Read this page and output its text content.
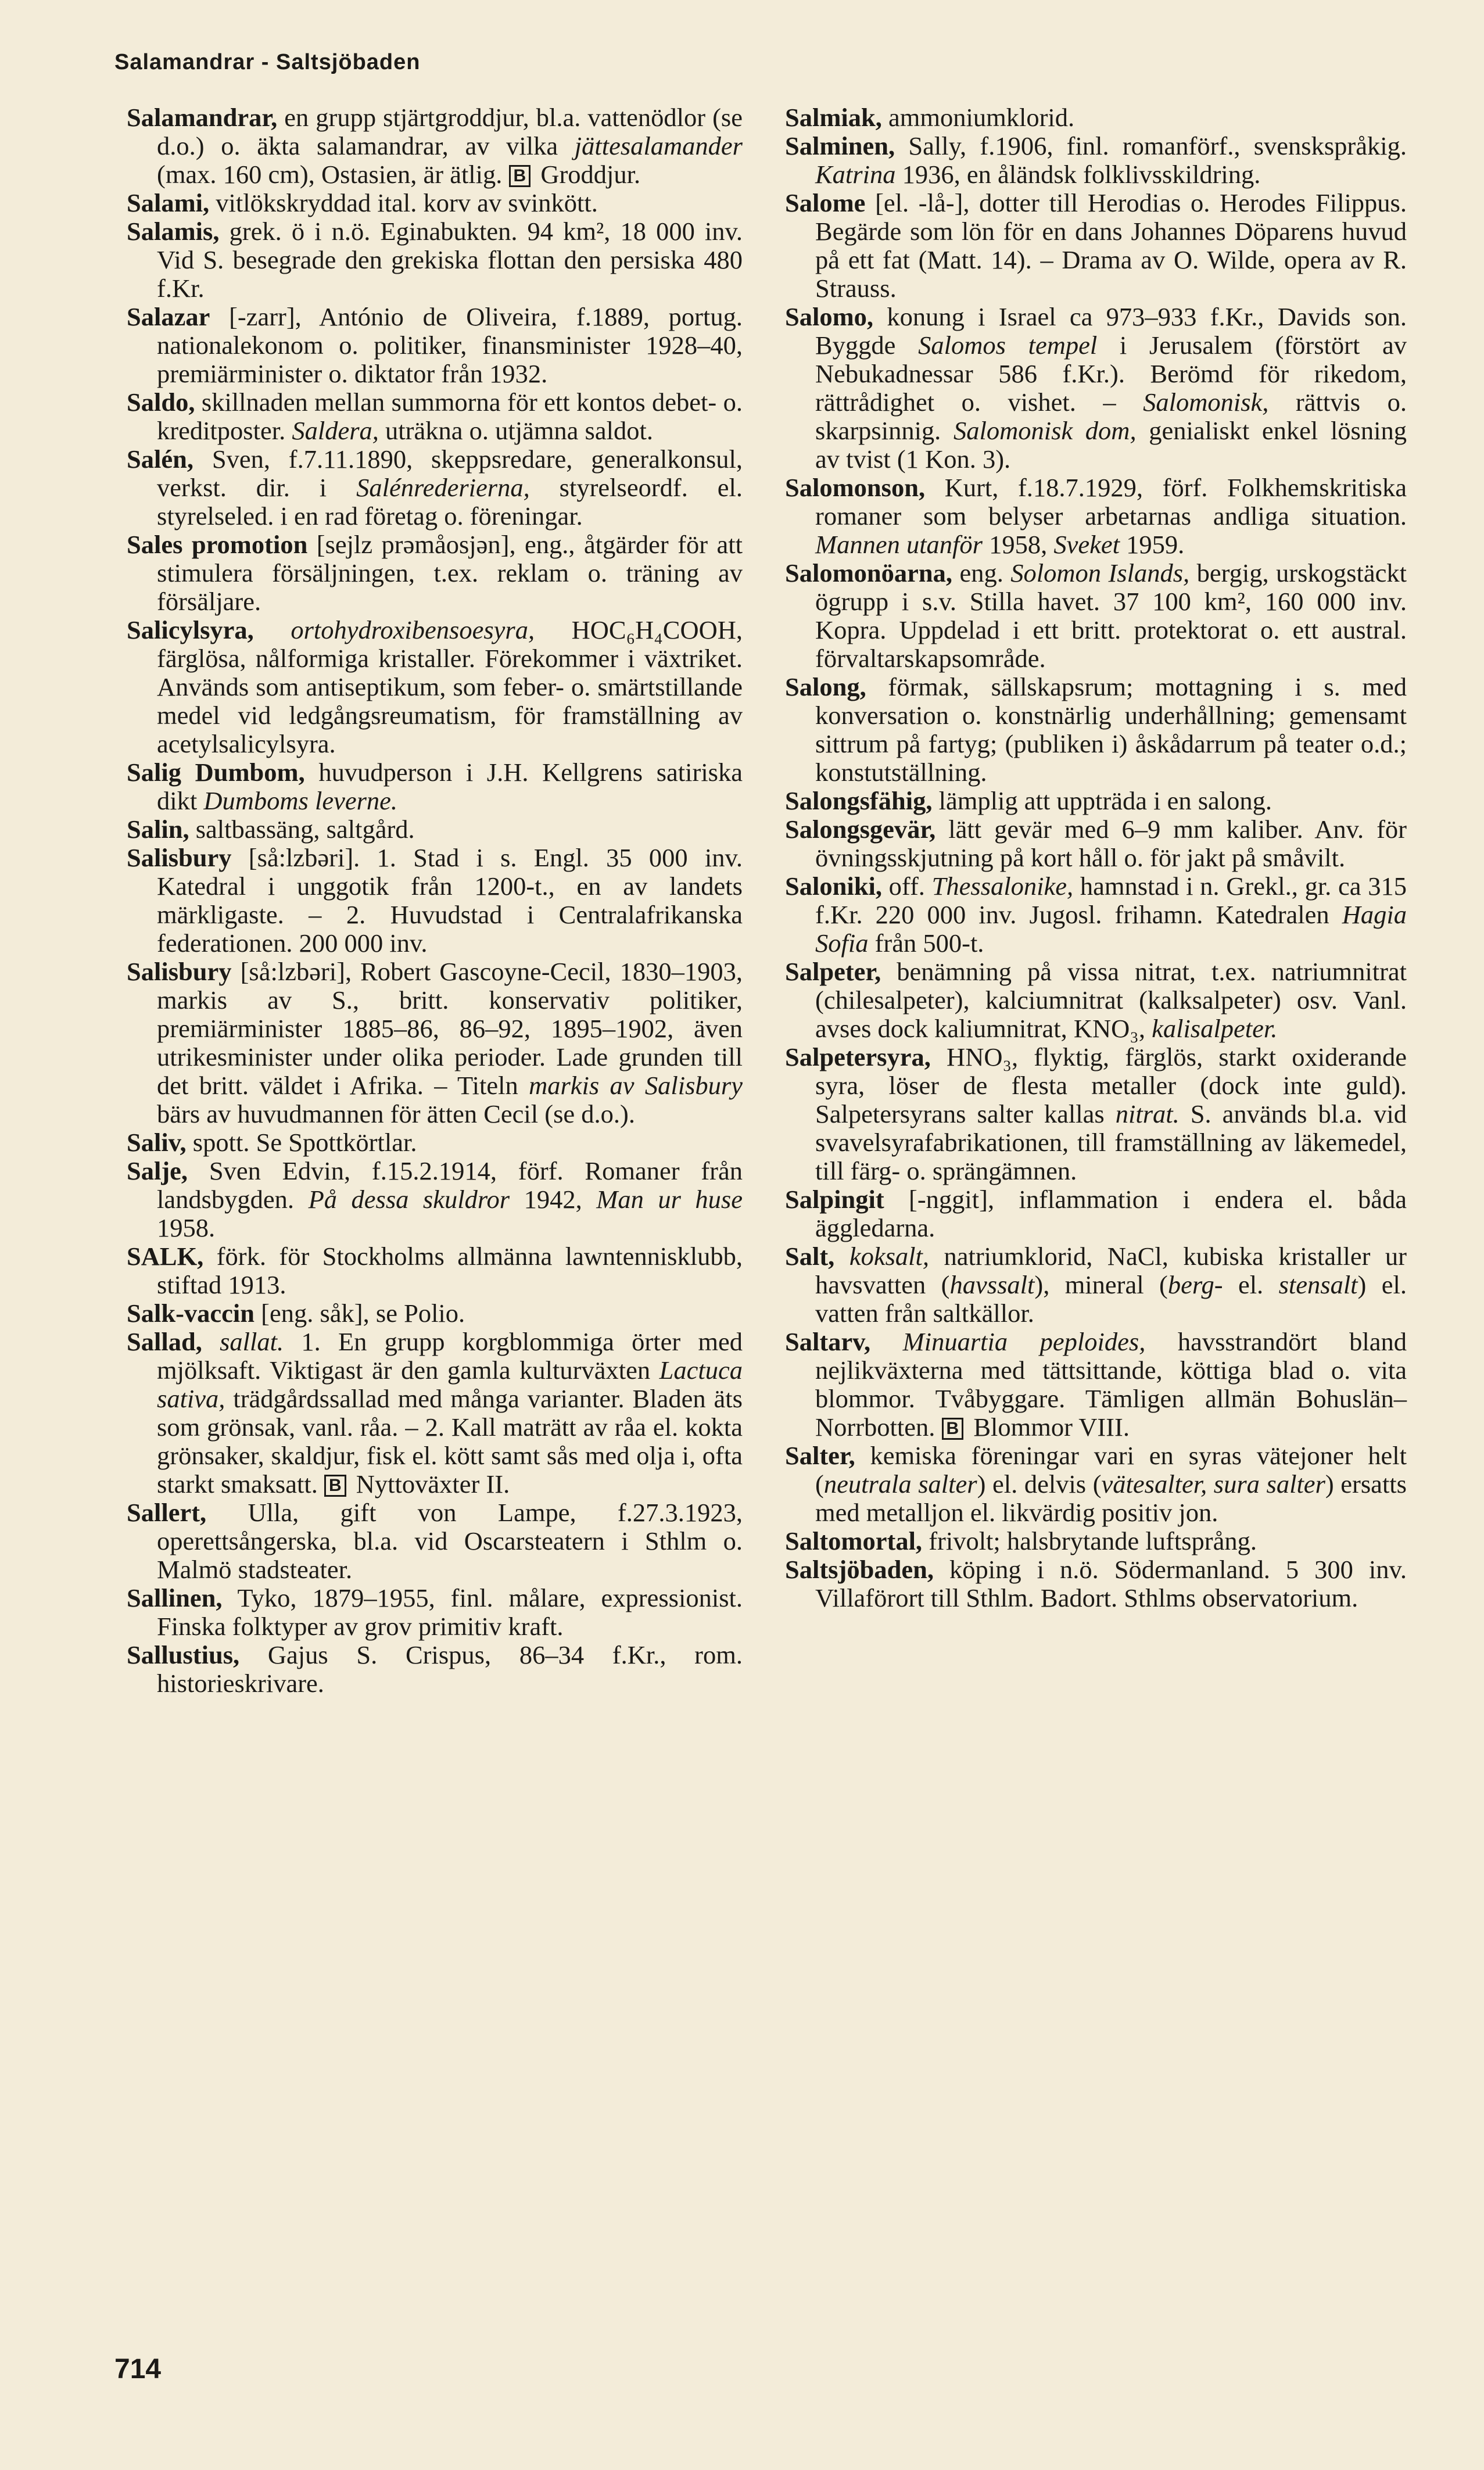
Salamandrar - Saltsjöbaden

Salamandrar, en grupp stjärtgroddjur, bl.a. vattenödlor (se d.o.) o. äkta salamandrar, av vilka jättesalamander (max. 160 cm), Ostasien, är ätlig. B Groddjur.

Salami, vitlökskryddad ital. korv av svinkött.

Salamis, grek. ö i n.ö. Eginabukten. 94 km², 18 000 inv. Vid S. besegrade den grekiska flottan den persiska 480 f.Kr.

Salazar [-zarr], António de Oliveira, f.1889, portug. nationalekonom o. politiker, finansminister 1928–40, premiärminister o. diktator från 1932.

Saldo, skillnaden mellan summorna för ett kontos debet- o. kreditposter. Saldera, uträkna o. utjämna saldot.

Salén, Sven, f.7.11.1890, skeppsredare, generalkonsul, verkst. dir. i Salénrederierna, styrelseordf. el. styrelseled. i en rad företag o. föreningar.

Sales promotion [sejlz prəmåosjən], eng., åtgärder för att stimulera försäljningen, t.ex. reklam o. träning av försäljare.

Salicylsyra, ortohydroxibensoesyra, HOC₆H₄COOH, färglösa, nålformiga kristaller. Förekommer i växtriket. Används som antiseptikum, som feber- o. smärtstillande medel vid ledgångsreumatism, för framställning av acetylsalicylsyra.

Salig Dumbom, huvudperson i J.H. Kellgrens satiriska dikt Dumboms leverne.

Salin, saltbassäng, saltgård.

Salisbury [så:lzbəri]. 1. Stad i s. Engl. 35 000 inv. Katedral i unggotik från 1200-t., en av landets märkligaste. – 2. Huvudstad i Centralafrikanska federationen. 200 000 inv.

Salisbury [så:lzbəri], Robert Gascoyne-Cecil, 1830–1903, markis av S., britt. konservativ politiker, premiärminister 1885–86, 86–92, 1895–1902, även utrikesminister under olika perioder. Lade grunden till det britt. väldet i Afrika. – Titeln markis av Salisbury bärs av huvudmannen för ätten Cecil (se d.o.).

Saliv, spott. Se Spottkörtlar.

Salje, Sven Edvin, f.15.2.1914, förf. Romaner från landsbygden. På dessa skuldror 1942, Man ur huse 1958.

SALK, förk. för Stockholms allmänna lawntennisklubb, stiftad 1913.

Salk-vaccin [eng. såk], se Polio.

Sallad, sallat. 1. En grupp korgblommiga örter med mjölksaft. Viktigast är den gamla kulturväxten Lactuca sativa, trädgårdssallad med många varianter. Bladen äts som grönsak, vanl. råa. – 2. Kall maträtt av råa el. kokta grönsaker, skaldjur, fisk el. kött samt sås med olja i, ofta starkt smaksatt. B Nyttoväxter II.

Sallert, Ulla, gift von Lampe, f.27.3.1923, operettsångerska, bl.a. vid Oscarsteatern i Sthlm o. Malmö stadsteater.

Sallinen, Tyko, 1879–1955, finl. målare, expressionist. Finska folktyper av grov primitiv kraft.

Sallustius, Gajus S. Crispus, 86–34 f.Kr., rom. historieskrivare.

Salmiak, ammoniumklorid.

Salminen, Sally, f.1906, finl. romanförf., svenskspråkig. Katrina 1936, en åländsk folklivsskildring.

Salome [el. -lå-], dotter till Herodias o. Herodes Filippus. Begärde som lön för en dans Johannes Döparens huvud på ett fat (Matt. 14). – Drama av O. Wilde, opera av R. Strauss.

Salomo, konung i Israel ca 973–933 f.Kr., Davids son. Byggde Salomos tempel i Jerusalem (förstört av Nebukadnessar 586 f.Kr.). Berömd för rikedom, rättrådighet o. vishet. – Salomonisk, rättvis o. skarpsinnig. Salomonisk dom, genialiskt enkel lösning av tvist (1 Kon. 3).

Salomonson, Kurt, f.18.7.1929, förf. Folkhemskritiska romaner som belyser arbetarnas andliga situation. Mannen utanför 1958, Sveket 1959.

Salomonöarna, eng. Solomon Islands, bergig, urskogstäckt ögrupp i s.v. Stilla havet. 37 100 km², 160 000 inv. Kopra. Uppdelad i ett britt. protektorat o. ett austral. förvaltarskapsområde.

Salong, förmak, sällskapsrum; mottagning i s. med konversation o. konstnärlig underhållning; gemensamt sittrum på fartyg; (publiken i) åskådarrum på teater o.d.; konstutställning.

Salongsfähig, lämplig att uppträda i en salong.

Salongsgevär, lätt gevär med 6–9 mm kaliber. Anv. för övningsskjutning på kort håll o. för jakt på småvilt.

Saloniki, off. Thessalonike, hamnstad i n. Grekl., gr. ca 315 f.Kr. 220 000 inv. Jugosl. frihamn. Katedralen Hagia Sofia från 500-t.

Salpeter, benämning på vissa nitrat, t.ex. natriumnitrat (chilesalpeter), kalciumnitrat (kalksalpeter) osv. Vanl. avses dock kaliumnitrat, KNO₃, kalisalpeter.

Salpetersyra, HNO₃, flyktig, färglös, starkt oxiderande syra, löser de flesta metaller (dock inte guld). Salpetersyrans salter kallas nitrat. S. används bl.a. vid svavelsyrafabrikationen, till framställning av läkemedel, till färg- o. sprängämnen.

Salpingit [-nggit], inflammation i endera el. båda äggledarna.

Salt, koksalt, natriumklorid, NaCl, kubiska kristaller ur havsvatten (havssalt), mineral (berg- el. stensalt) el. vatten från saltkällor.

Saltarv, Minuartia peploides, havsstrandört bland nejlikväxterna med tättsittande, köttiga blad o. vita blommor. Tvåbyggare. Tämligen allmän Bohuslän–Norrbotten. B Blommor VIII.

Salter, kemiska föreningar vari en syras vätejoner helt (neutrala salter) el. delvis (vätesalter, sura salter) ersatts med metalljon el. likvärdig positiv jon.

Saltomortal, frivolt; halsbrytande luftsprång.

Saltsjöbaden, köping i n.ö. Södermanland. 5 300 inv. Villaförort till Sthlm. Badort. Sthlms observatorium.

714
